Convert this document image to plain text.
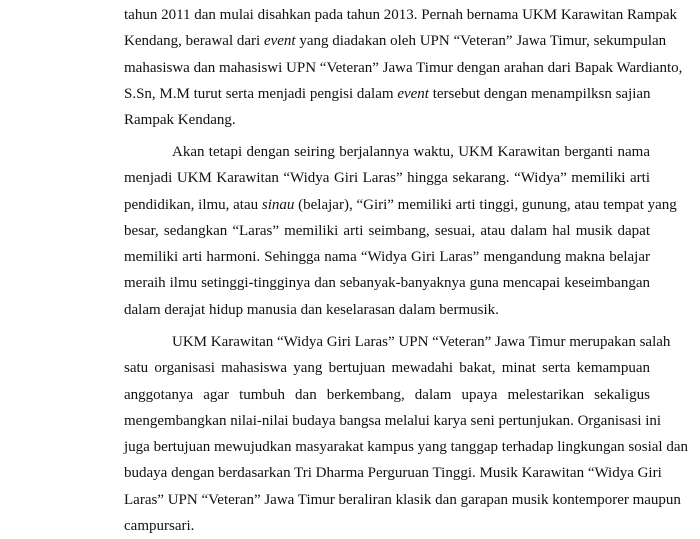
tahun 2011 dan mulai disahkan pada tahun 2013. Pernah bernama UKM Karawitan Rampak
Kendang, berawal dari event yang diadakan oleh UPN “Veteran” Jawa Timur, sekumpulan
mahasiswa dan mahasiswi UPN “Veteran” Jawa Timur dengan arahan dari Bapak Wardianto,
S.Sn, M.M turut serta menjadi pengisi dalam event tersebut dengan menampilksn sajian
Rampak Kendang.
Akan tetapi dengan seiring berjalannya waktu, UKM Karawitan berganti nama
menjadi UKM Karawitan “Widya Giri Laras” hingga sekarang. “Widya” memiliki arti
pendidikan, ilmu, atau sinau (belajar), “Giri” memiliki arti tinggi, gunung, atau tempat yang
besar, sedangkan “Laras” memiliki arti seimbang, sesuai, atau dalam hal musik dapat
memiliki arti harmoni. Sehingga nama “Widya Giri Laras” mengandung makna belajar
meraih ilmu setinggi-tingginya dan sebanyak-banyaknya guna mencapai keseimbangan
dalam derajat hidup manusia dan keselarasan dalam bermusik.
UKM Karawitan “Widya Giri Laras” UPN “Veteran” Jawa Timur merupakan salah
satu organisasi mahasiswa yang bertujuan mewadahi bakat, minat serta kemampuan
anggotanya agar tumbuh dan berkembang, dalam upaya melestarikan sekaligus
mengembangkan nilai-nilai budaya bangsa melalui karya seni pertunjukan. Organisasi ini
juga bertujuan mewujudkan masyarakat kampus yang tanggap terhadap lingkungan sosial dan
budaya dengan berdasarkan Tri Dharma Perguruan Tinggi. Musik Karawitan “Widya Giri
Laras” UPN “Veteran” Jawa Timur beraliran klasik dan garapan musik kontemporer maupun
campursari.
